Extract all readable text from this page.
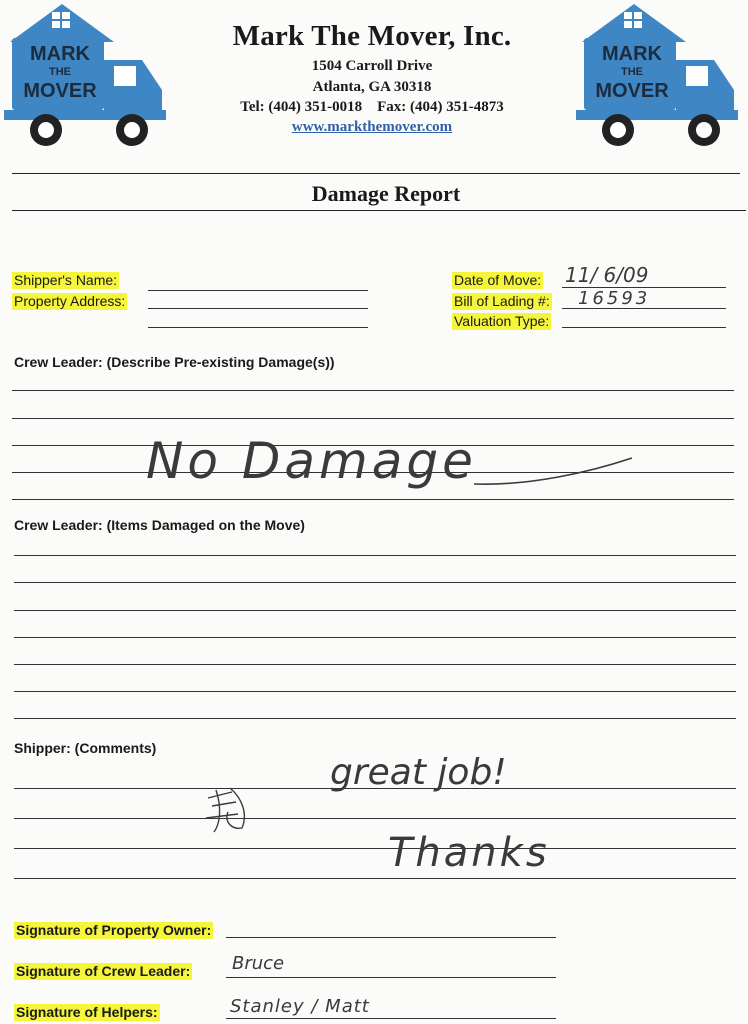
MARK
THE
MOVER
MARK
THE
MOVER
Mark The Mover, Inc.
1504 Carroll Drive
Atlanta, GA 30318
Tel: (404) 351-0018    Fax: (404) 351-4873
www.markthemover.com
Damage Report
Shipper's Name:
Property Address:
Date of Move: 11/ 6/09
Bill of Lading #: 16593
Valuation Type:
Crew Leader: (Describe Pre-existing Damage(s))
No Damage
Crew Leader: (Items Damaged on the Move)
Shipper: (Comments)
great job!
Thanks
Signature of Property Owner:
Signature of Crew Leader: Bruce
Signature of Helpers:	Stanley / Matt
